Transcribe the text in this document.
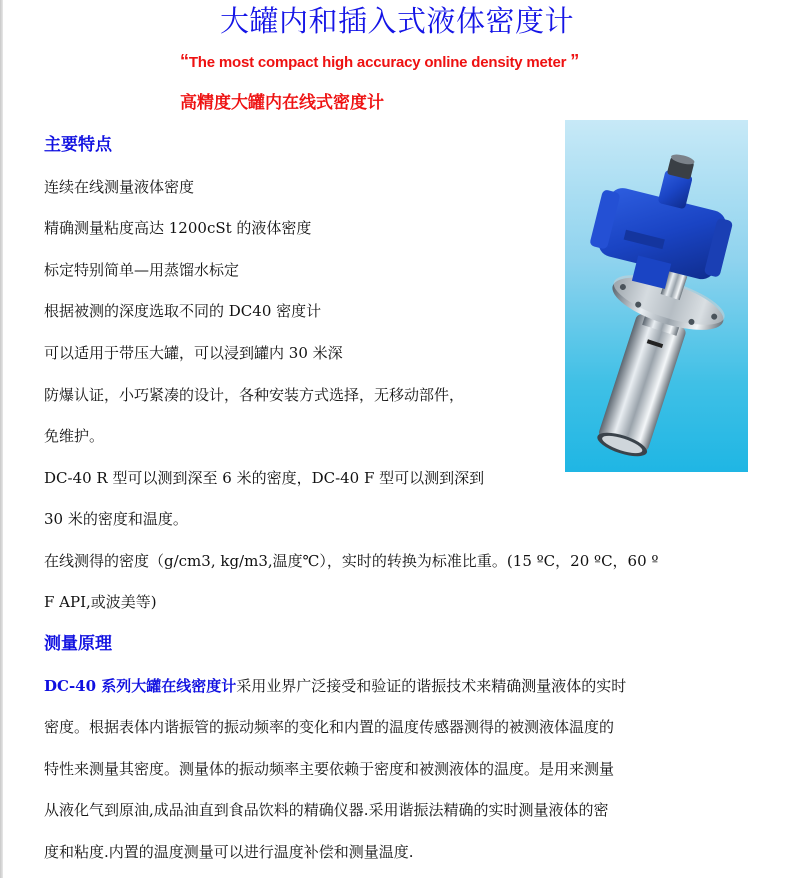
大罐内和插入式液体密度计
“The most compact high accuracy online density meter ”
高精度大罐内在线式密度计
主要特点
连续在线测量液体密度
精确测量粘度高达 1200cSt 的液体密度
标定特别简单—用蒸馏水标定
根据被测的深度选取不同的 DC40 密度计
可以适用于带压大罐，可以浸到罐内 30 米深
防爆认证，小巧紧凑的设计，各种安装方式选择，无移动部件，
免维护。
DC-40 R 型可以测到深至 6 米的密度，DC-40 F 型可以测到深到
30 米的密度和温度。
在线测得的密度（g/cm3, kg/m3,温度℃），实时的转换为标准比重。(15 ºC，20 ºC，60 º
F API,或波美等)
测量原理
DC-40 系列大罐在线密度计采用业界广泛接受和验证的谐振技术来精确测量液体的实时
密度。根据表体内谐振管的振动频率的变化和内置的温度传感器测得的被测液体温度的
特性来测量其密度。测量体的振动频率主要依赖于密度和被测液体的温度。是用来测量
从液化气到原油,成品油直到食品饮料的精确仪器.采用谐振法精确的实时测量液体的密
度和粘度.内置的温度测量可以进行温度补偿和测量温度.
